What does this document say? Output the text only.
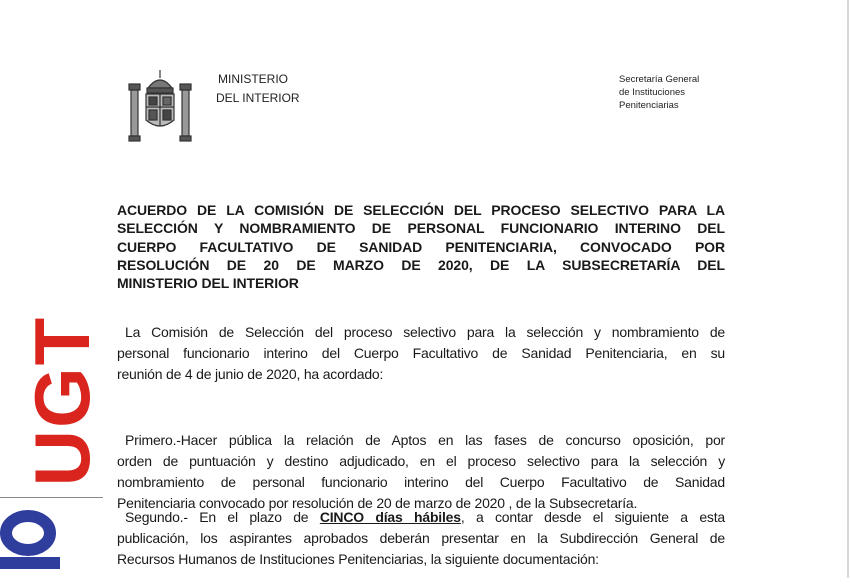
MINISTERIO
DEL INTERIOR
Secretaría General
de Instituciones
Penitenciarias
UGT
ACUERDO DE LA COMISIÓN DE SELECCIÓN DEL PROCESO SELECTIVO PARA LA
SELECCIÓN Y NOMBRAMIENTO DE PERSONAL FUNCIONARIO INTERINO DEL
CUERPO FACULTATIVO DE SANIDAD PENITENCIARIA, CONVOCADO POR
RESOLUCIÓN DE 20 DE MARZO DE 2020, DE LA SUBSECRETARÍA DEL
MINISTERIO DEL INTERIOR
La Comisión de Selección del proceso selectivo para la selección y nombramiento de
personal funcionario interino del Cuerpo Facultativo de Sanidad Penitenciaria, en su
reunión de 4 de junio de 2020, ha acordado:
Primero.-Hacer pública la relación de Aptos en las fases de concurso oposición, por
orden de puntuación y destino adjudicado, en el proceso selectivo para la selección y
nombramiento de personal funcionario interino del Cuerpo Facultativo de Sanidad
Penitenciaria convocado por resolución de 20 de marzo de 2020 , de la Subsecretaría.
Segundo.- En el plazo de CINCO días hábiles, a contar desde el siguiente a esta
publicación, los aspirantes aprobados deberán presentar en la Subdirección General de
Recursos Humanos de Instituciones Penitenciarias, la siguiente documentación:
